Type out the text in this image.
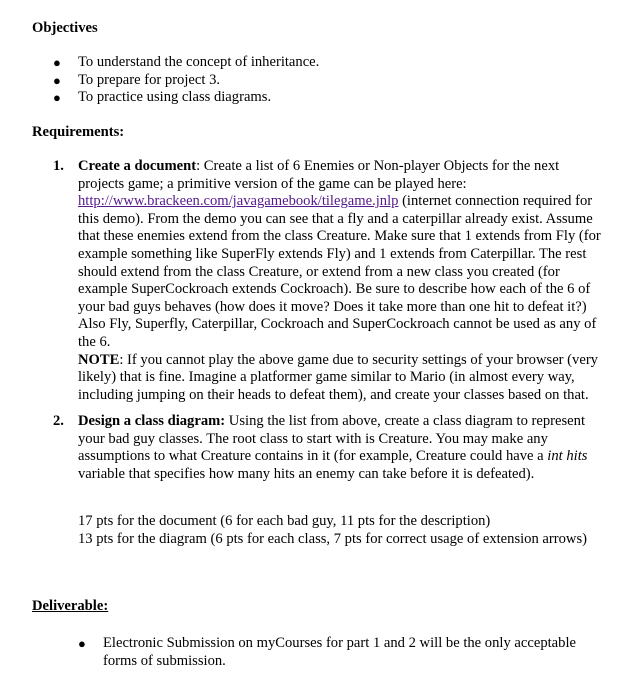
Objectives
● To understand the concept of inheritance.
● To prepare for project 3.
● To practice using class diagrams.
Requirements:
1. Create a document: Create a list of 6 Enemies or Non-player Objects for the next projects game; a primitive version of the game can be played here: http://www.brackeen.com/javagamebook/tilegame.jnlp (internet connection required for this demo). From the demo you can see that a fly and a caterpillar already exist. Assume that these enemies extend from the class Creature. Make sure that 1 extends from Fly (for example something like SuperFly extends Fly) and 1 extends from Caterpillar. The rest should extend from the class Creature, or extend from a new class you created (for example SuperCockroach extends Cockroach). Be sure to describe how each of the 6 of your bad guys behaves (how does it move? Does it take more than one hit to defeat it?) Also Fly, Superfly, Caterpillar, Cockroach and SuperCockroach cannot be used as any of the 6.
NOTE: If you cannot play the above game due to security settings of your browser (very likely) that is fine. Imagine a platformer game similar to Mario (in almost every way, including jumping on their heads to defeat them), and create your classes based on that.
2. Design a class diagram: Using the list from above, create a class diagram to represent your bad guy classes. The root class to start with is Creature. You may make any assumptions to what Creature contains in it (for example, Creature could have a int hits variable that specifies how many hits an enemy can take before it is defeated).
17 pts for the document (6 for each bad guy, 11 pts for the description)
13 pts for the diagram (6 pts for each class, 7 pts for correct usage of extension arrows)
Deliverable:
● Electronic Submission on myCourses for part 1 and 2 will be the only acceptable forms of submission.
